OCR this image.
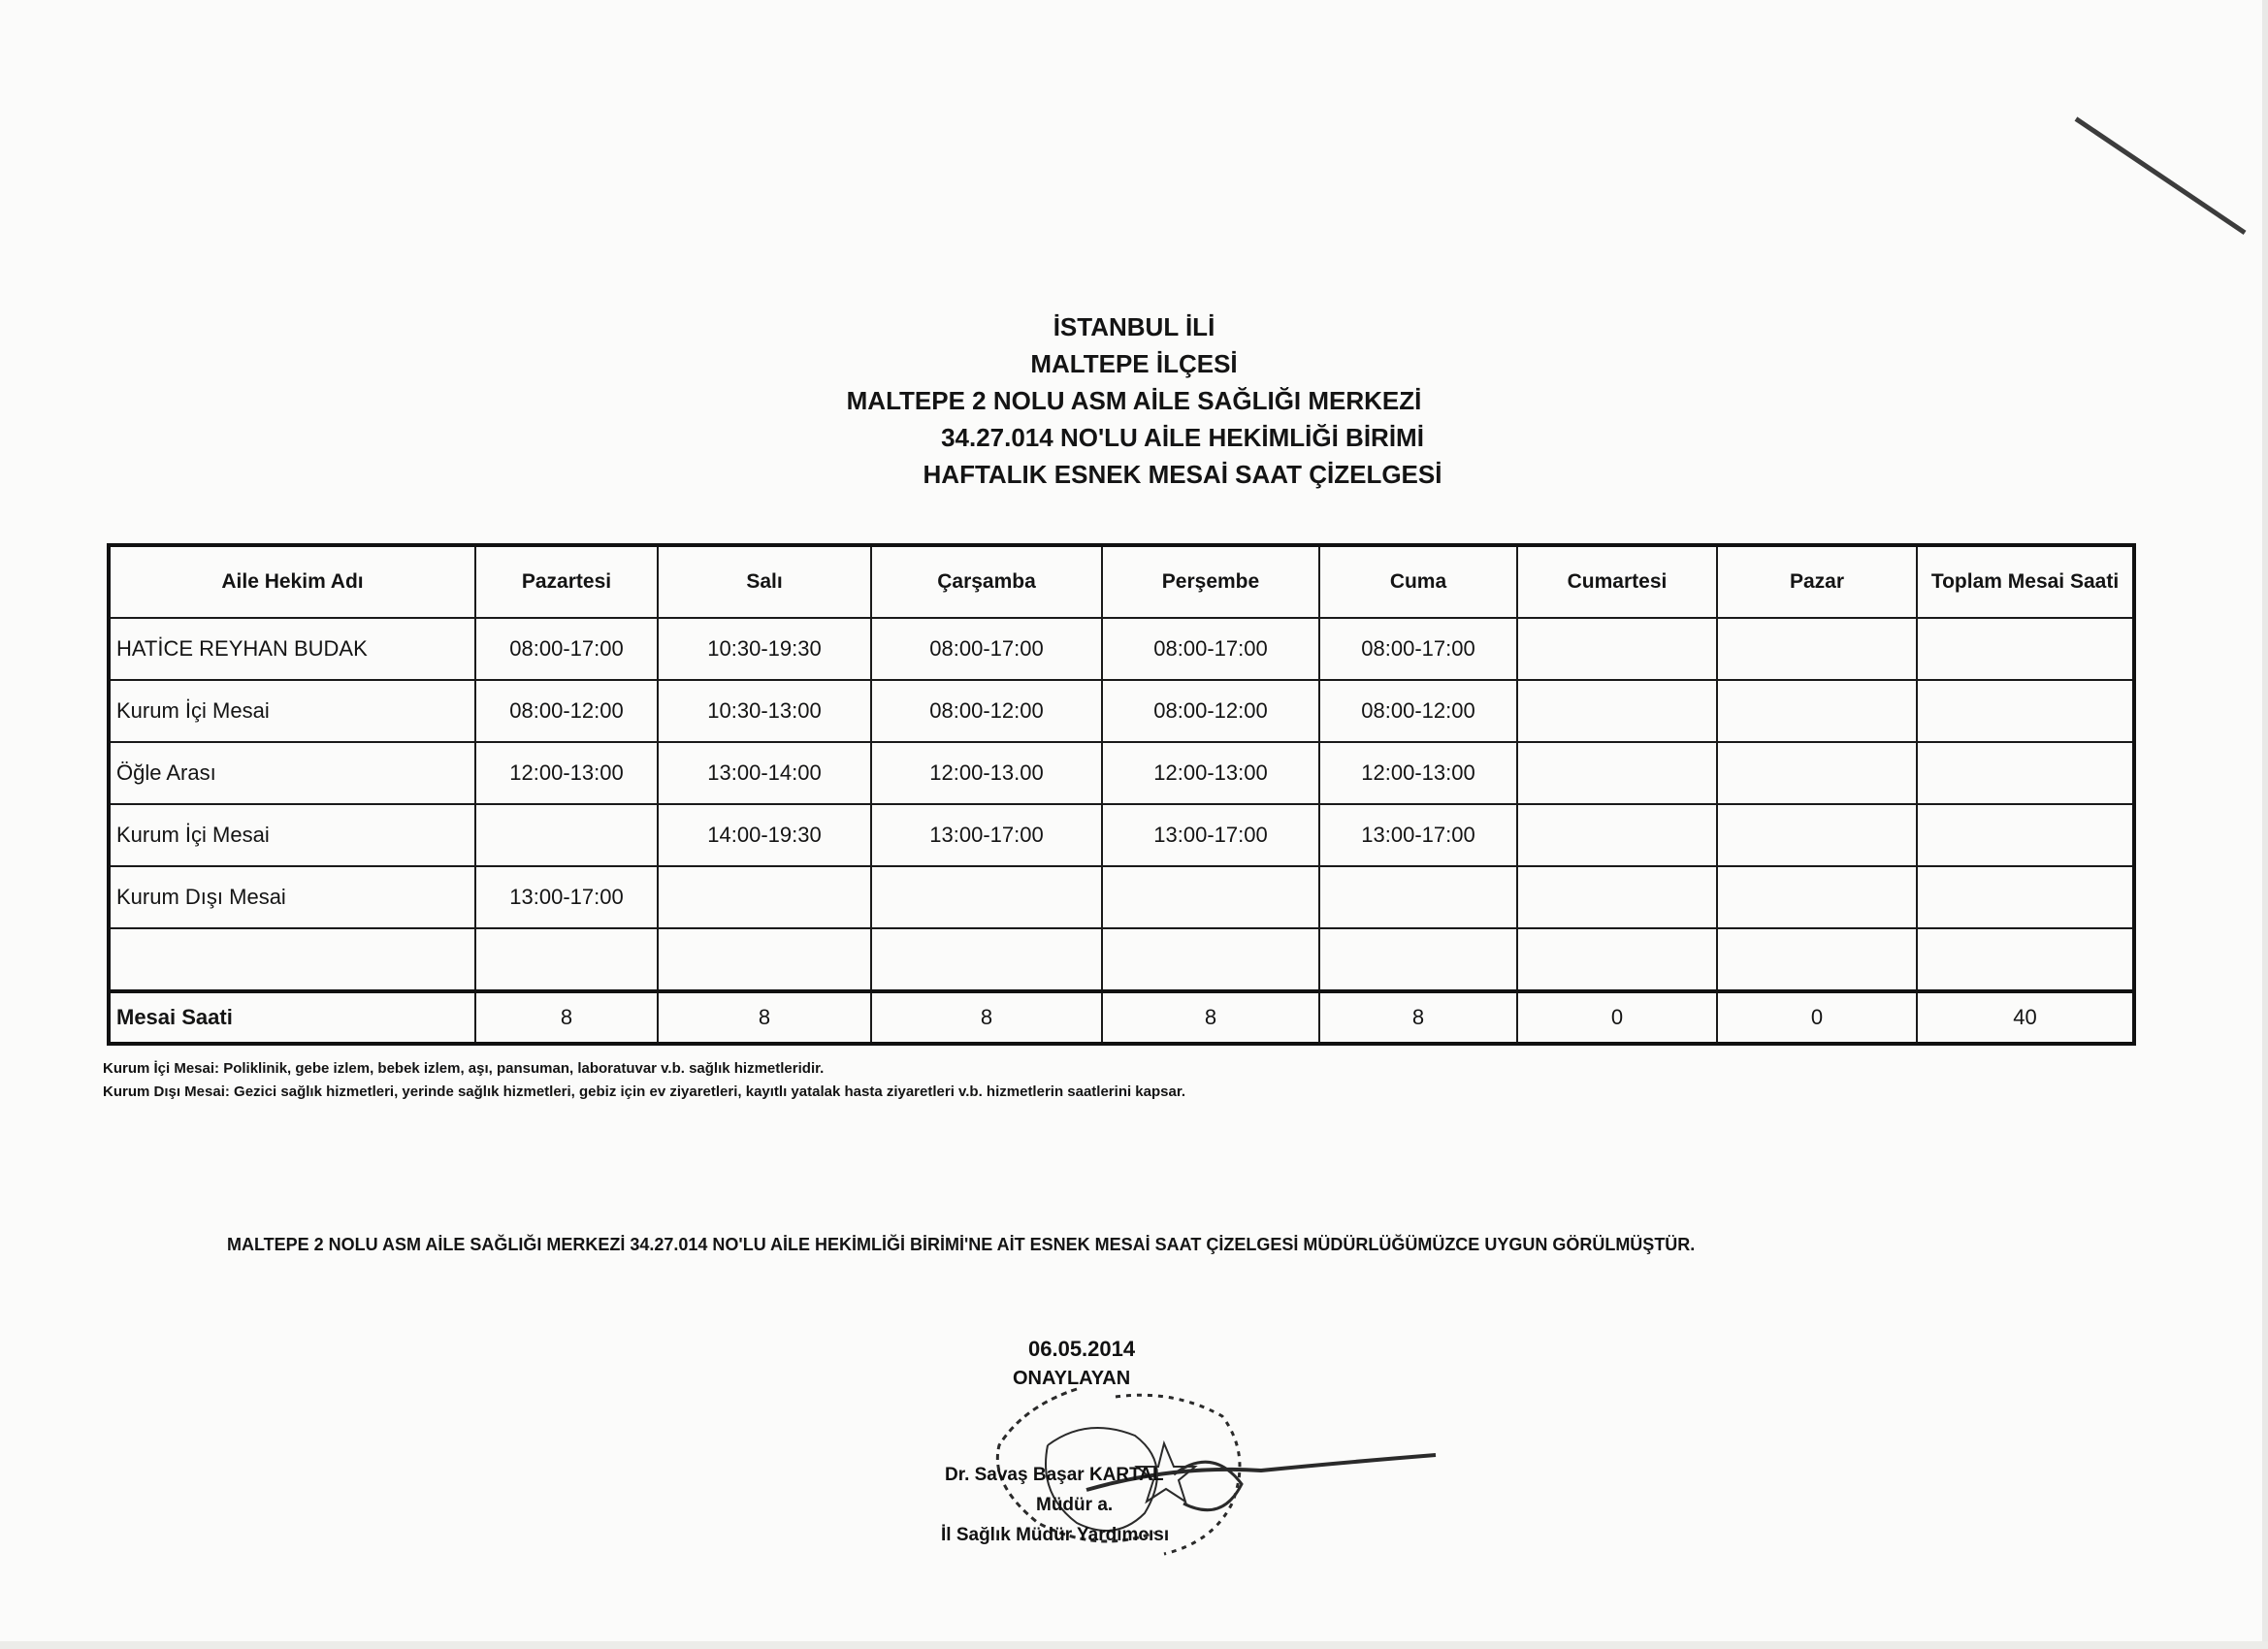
İSTANBUL İLİ
MALTEPE İLÇESİ
MALTEPE 2 NOLU ASM AİLE SAĞLIĞI MERKEZİ
34.27.014 NO'LU AİLE HEKİMLİĞİ BİRİMİ
HAFTALIK ESNEK MESAİ SAAT ÇİZELGESİ
Aile Hekim Adı	Pazartesi	Salı	Çarşamba	Perşembe	Cuma	Cumartesi	Pazar	Toplam Mesai Saati
HATİCE REYHAN BUDAK	08:00-17:00	10:30-19:30	08:00-17:00	08:00-17:00	08:00-17:00			
Kurum İçi Mesai	08:00-12:00	10:30-13:00	08:00-12:00	08:00-12:00	08:00-12:00			
Öğle Arası	12:00-13:00	13:00-14:00	12:00-13.00	12:00-13:00	12:00-13:00			
Kurum İçi Mesai		14:00-19:30	13:00-17:00	13:00-17:00	13:00-17:00			
Kurum Dışı Mesai	13:00-17:00							

Mesai Saati	8	8	8	8	8	0	0	40
Kurum İçi Mesai: Poliklinik, gebe izlem, bebek izlem, aşı, pansuman, laboratuvar v.b. sağlık hizmetleridir.
Kurum Dışı Mesai: Gezici sağlık hizmetleri, yerinde sağlık hizmetleri, gebiz için ev ziyaretleri, kayıtlı yatalak hasta ziyaretleri v.b. hizmetlerin saatlerini kapsar.
MALTEPE 2 NOLU ASM AİLE SAĞLIĞI MERKEZİ 34.27.014 NO'LU AİLE HEKİMLİĞİ BİRİMİ'NE AİT ESNEK MESAİ SAAT ÇİZELGESİ MÜDÜRLÜĞÜMÜZCE UYGUN GÖRÜLMÜŞTÜR.
06.05.2014
ONAYLAYAN
Dr. Savaş Başar KARTAL
Müdür a.
İl Sağlık Müdür Yardımcısı
